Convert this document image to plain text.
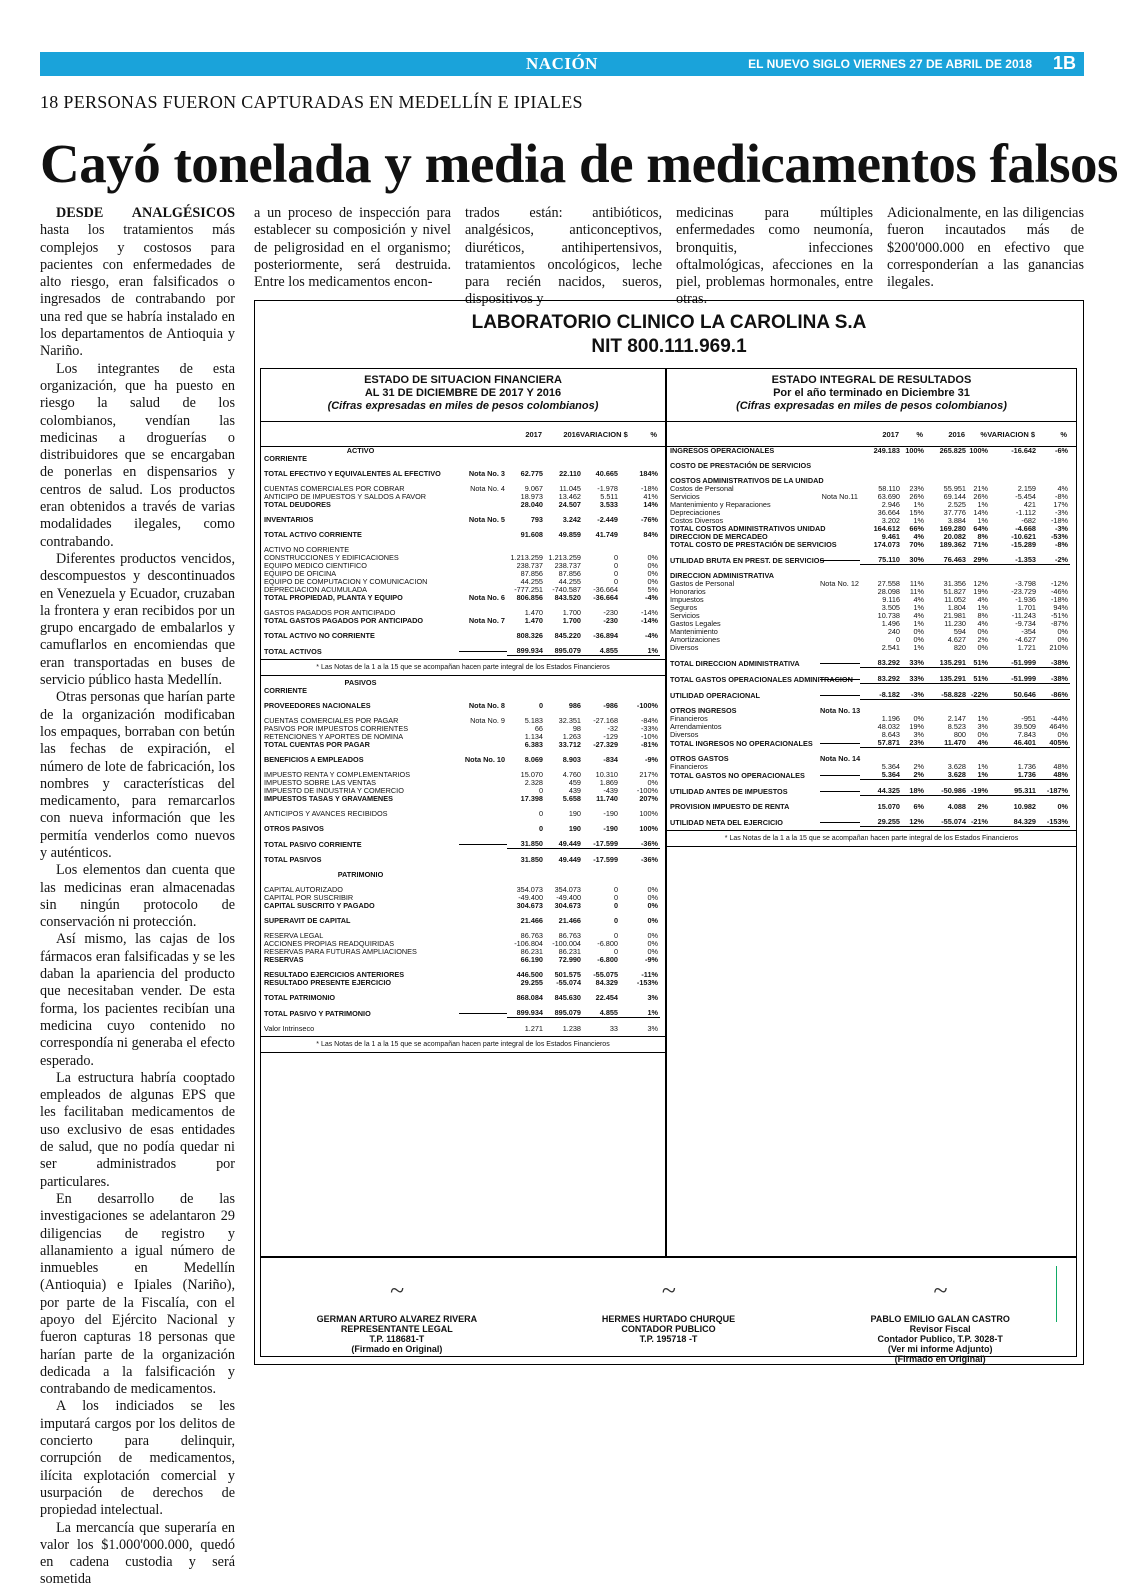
NACIÓN	EL NUEVO SIGLO VIERNES 27 DE ABRIL DE 2018 1B
18 PERSONAS FUERON CAPTURADAS EN MEDELLÍN E IPIALES
Cayó tonelada y media de medicamentos falsos

DESDE ANALGÉSICOS hasta los tratamientos más complejos y costosos para pacientes con enfermedades de alto riesgo, eran falsificados o ingresados de contrabando por una red que se habría instalado en los departamentos de Antioquia y Nariño.

Los integrantes de esta organización, que ha puesto en riesgo la salud de los colombianos, vendían las medicinas a droguerías o distribuidores que se encargaban de ponerlas en dispensarios y centros de salud. Los productos eran obtenidos a través de varias modalidades ilegales, como contrabando.

Diferentes productos vencidos, descompuestos y descontinuados en Venezuela y Ecuador, cruzaban la frontera y eran recibidos por un grupo encargado de embalarlos y camuflarlos en encomiendas que eran transportadas en buses de servicio público hasta Medellín.

Otras personas que harían parte de la organización modificaban los empaques, borraban con betún las fechas de expiración, el número de lote de fabricación, los nombres y características del medicamento, para remarcarlos con nueva información que les permitía venderlos como nuevos y auténticos.

Los elementos dan cuenta que las medicinas eran almacenadas sin ningún protocolo de conservación ni protección.

Así mismo, las cajas de los fármacos eran falsificadas y se les daban la apariencia del producto que necesitaban vender. De esta forma, los pacientes recibían una medicina cuyo contenido no correspondía ni generaba el efecto esperado.

La estructura habría cooptado empleados de algunas EPS que les facilitaban medicamentos de uso exclusivo de esas entidades de salud, que no podía quedar ni ser administrados por particulares.

En desarrollo de las investigaciones se adelantaron 29 diligencias de registro y allanamiento a igual número de inmuebles en Medellín (Antioquia) e Ipiales (Nariño), por parte de la Fiscalía, con el apoyo del Ejército Nacional y fueron capturas 18 personas que harían parte de la organización dedicada a la falsificación y contrabando de medicamentos.

A los indiciados se les imputará cargos por los delitos de concierto para delinquir, corrupción de medicamentos, ilícita explotación comercial y usurpación de derechos de propiedad intelectual.

La mercancía que superaría en valor los $1.000'000.000, quedó en cadena custodia y será sometida

a un proceso de inspección para establecer su composición y nivel de peligrosidad en el organismo; posteriormente, será destruida. Entre los medicamentos encon-

trados están: antibióticos, analgésicos, anticonceptivos, diuréticos, antihipertensivos, tratamientos oncológicos, leche para recién nacidos, sueros, dispositivos y

medicinas para múltiples enfermedades como neumonía, bronquitis, infecciones oftalmológicas, afecciones en la piel, problemas hormonales, entre otras.

Adicionalmente, en las diligencias fueron incautados más de $200'000.000 en efectivo que corresponderían a las ganancias ilegales.

LABORATORIO CLINICO LA CAROLINA S.A
NIT 800.111.969.1
ESTADO DE SITUACION FINANCIERA
AL 31 DE DICIEMBRE DE 2017 Y 2016
(Cifras expresadas en miles de pesos colombianos)
2017	2016 VARIACION $	%
ACTIVO
CORRIENTE
TOTAL EFECTIVO Y EQUIVALENTES AL EFECTIVO	Nota No. 3	62.775	22.110	40.665	184%
CUENTAS COMERCIALES POR COBRAR	Nota No. 4	9.067	11.045	-1.978	-18%
ANTICIPO DE IMPUESTOS Y SALDOS A FAVOR	18.973	13.462	5.511	41%
TOTAL DEUDORES	28.040	24.507	3.533	14%
INVENTARIOS	Nota No. 5	793	3.242	-2.449	-76%
TOTAL ACTIVO CORRIENTE	91.608	49.859	41.749	84%
ACTIVO NO CORRIENTE
CONSTRUCCIONES Y EDIFICACIONES	1.213.259 1.213.259	0	0%
EQUIPO MEDICO CIENTIFICO	238.737	238.737	0	0%
EQUIPO DE OFICINA	87.856	87.856	0	0%
EQUIPO DE COMPUTACION Y COMUNICACION	44.255	44.255	0	0%
DEPRECIACION ACUMULADA	-777.251	-740.587	-36.664	5%
TOTAL PROPIEDAD, PLANTA Y EQUIPO	Nota No. 6	806.856	843.520	-36.664	-4%
GASTOS PAGADOS POR ANTICIPADO	1.470	1.700	-230	-14%
TOTAL GASTOS PAGADOS POR ANTICIPADO	Nota No. 7	1.470	1.700	-230	-14%
TOTAL ACTIVO NO CORRIENTE	808.326	845.220	-36.894	-4%
TOTAL ACTIVOS	899.934	895.079	4.855	1%
* Las Notas de la 1 a la 15 que se acompañan hacen parte integral de los Estados Financieros
PASIVOS
CORRIENTE
PROVEEDORES NACIONALES	Nota No. 8	0	986	-986	-100%
CUENTAS COMERCIALES POR PAGAR	Nota No. 9	5.183	32.351	-27.168	-84%
PASIVOS POR IMPUESTOS CORRIENTES	66	98	-32	-33%
RETENCIONES Y APORTES DE NOMINA	1.134	1.263	-129	-10%
TOTAL CUENTAS POR PAGAR	6.383	33.712	-27.329	-81%
BENEFICIOS A EMPLEADOS	Nota No. 10	8.069	8.903	-834	-9%
IMPUESTO RENTA Y COMPLEMENTARIOS	15.070	4.760	10.310	217%
IMPUESTO SOBRE LAS VENTAS	2.328	459	1.869	0%
IMPUESTO DE INDUSTRIA Y COMERCIO	0	439	-439	-100%
IMPUESTOS TASAS Y GRAVAMENES	17.398	5.658	11.740	207%
ANTICIPOS Y AVANCES RECIBIDOS	0	190	-190	100%
OTROS PASIVOS	0	190	-190	100%
TOTAL PASIVO CORRIENTE	31.850	49.449	-17.599	-36%
TOTAL PASIVOS	31.850	49.449	-17.599	-36%
PATRIMONIO
CAPITAL AUTORIZADO	354.073	354.073	0	0%
CAPITAL POR SUSCRIBIR	-49.400	-49.400	0	0%
CAPITAL SUSCRITO Y PAGADO	304.673	304.673	0	0%
SUPERAVIT DE CAPITAL	21.466	21.466	0	0%
RESERVA LEGAL	86.763	86.763	0	0%
ACCIONES PROPIAS READQUIRIDAS	-106.804	-100.004	-6.800	0%
RESERVAS PARA FUTURAS AMPLIACIONES	86.231	86.231	0	0%
RESERVAS	66.190	72.990	-6.800	-9%
RESULTADO EJERCICIOS ANTERIORES	446.500	501.575	-55.075	-11%
RESULTADO PRESENTE EJERCICIO	29.255	-55.074	84.329	-153%
TOTAL PATRIMONIO	868.084	845.630	22.454	3%
TOTAL PASIVO Y PATRIMONIO	899.934	895.079	4.855	1%
Valor Intrinseco	1.271	1.238	33	3%
* Las Notas de la 1 a la 15 que se acompañan hacen parte integral de los Estados Financieros
ESTADO INTEGRAL DE RESULTADOS
Por el año terminado en Diciembre 31
(Cifras expresadas en miles de pesos colombianos)
2017	%	2016	% VARIACION $	%
INGRESOS OPERACIONALES	249.183 100%	265.825 100%	-16.642	-6%
COSTO DE PRESTACIÓN DE SERVICIOS
COSTOS ADMINISTRATIVOS DE LA UNIDAD
Costos de Personal	58.110	23%	55.951	21%	2.159	4%
Servicios	Nota No.11	63.690	26%	69.144	26%	-5.454	-8%
Mantenimiento y Reparaciones	2.946	1%	2.525	1%	421	17%
Depreciaciones	36.664	15%	37.776	14%	-1.112	-3%
Costos Diversos	3.202	1%	3.884	1%	-682	-18%
TOTAL COSTOS ADMINISTRATIVOS UNIDAD	164.612	66%	169.280	64%	-4.668	-3%
DIRECCION DE MERCADEO	9.461	4%	20.082	8%	-10.621	-53%
TOTAL COSTO DE PRESTACIÓN DE SERVICIOS	174.073	70%	189.362	71%	-15.289	-8%
UTILIDAD BRUTA EN PREST. DE SERVICIOS	75.110	30%	76.463	29%	-1.353	-2%
DIRECCION ADMINISTRATIVA
Gastos de Personal	Nota No. 12	27.558	11%	31.356	12%	-3.798	-12%
Honorarios	28.098	11%	51.827	19%	-23.729	-46%
Impuestos	9.116	4%	11.052	4%	-1.936	-18%
Seguros	3.505	1%	1.804	1%	1.701	94%
Servicios	10.738	4%	21.981	8%	-11.243	-51%
Gastos Legales	1.496	1%	11.230	4%	-9.734	-87%
Mantenimiento	240	0%	594	0%	-354	0%
Amortizaciones	0	0%	4.627	2%	-4.627	0%
Diversos	2.541	1%	820	0%	1.721	210%
TOTAL DIRECCION ADMINISTRATIVA	83.292	33%	135.291	51%	-51.999	-38%
TOTAL GASTOS OPERACIONALES ADMINITRACION	83.292	33%	135.291	51%	-51.999	-38%
UTILIDAD OPERACIONAL	-8.182	-3%	-58.828 -22%	50.646	-86%
OTROS INGRESOS	Nota No. 13
Financieros	1.196	0%	2.147	1%	-951	-44%
Arrendamientos	48.032	19%	8.523	3%	39.509	464%
Diversos	8.643	3%	800	0%	7.843	0%
TOTAL INGRESOS NO OPERACIONALES	57.871	23%	11.470	4%	46.401	405%
OTROS GASTOS	Nota No. 14
Financieros	5.364	2%	3.628	1%	1.736	48%
TOTAL GASTOS NO OPERACIONALES	5.364	2%	3.628	1%	1.736	48%
UTILIDAD ANTES DE IMPUESTOS	44.325	18%	-50.986 -19%	95.311	-187%
PROVISION IMPUESTO DE RENTA	15.070	6%	4.088	2%	10.982	0%
UTILIDAD NETA DEL EJERCICIO	29.255	12%	-55.074 -21%	84.329	-153%
* Las Notas de la 1 a la 15 que se acompañan hacen parte integral de los Estados Financieros
~
GERMAN ARTURO ALVAREZ RIVERA
REPRESENTANTE LEGAL
T.P. 118681-T
(Firmado en Original)
~
HERMES HURTADO CHURQUE
CONTADOR PUBLICO
T.P. 195718 -T
~
PABLO EMILIO GALAN CASTRO
Revisor Fiscal
Contador Publico, T.P. 3028-T
(Ver mi informe Adjunto)
(Firmado en Original)
